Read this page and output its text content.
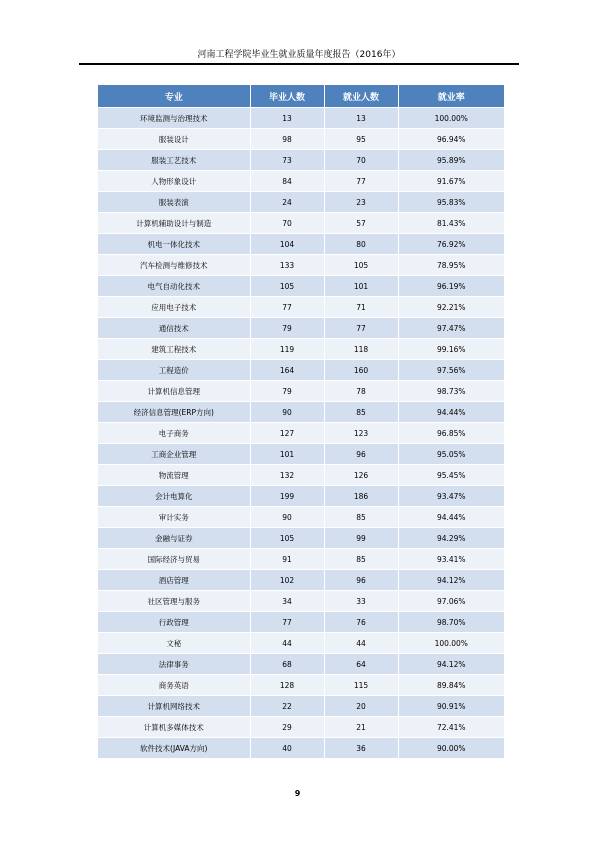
河南工程学院毕业生就业质量年度报告（2016年）
专业	毕业人数	就业人数	就业率
环境监测与治理技术	13	13	100.00%
服装设计	98	95	96.94%
服装工艺技术	73	70	95.89%
人物形象设计	84	77	91.67%
服装表演	24	23	95.83%
计算机辅助设计与制造	70	57	81.43%
机电一体化技术	104	80	76.92%
汽车检测与维修技术	133	105	78.95%
电气自动化技术	105	101	96.19%
应用电子技术	77	71	92.21%
通信技术	79	77	97.47%
建筑工程技术	119	118	99.16%
工程造价	164	160	97.56%
计算机信息管理	79	78	98.73%
经济信息管理(ERP方向)	90	85	94.44%
电子商务	127	123	96.85%
工商企业管理	101	96	95.05%
物流管理	132	126	95.45%
会计电算化	199	186	93.47%
审计实务	90	85	94.44%
金融与证券	105	99	94.29%
国际经济与贸易	91	85	93.41%
酒店管理	102	96	94.12%
社区管理与服务	34	33	97.06%
行政管理	77	76	98.70%
文秘	44	44	100.00%
法律事务	68	64	94.12%
商务英语	128	115	89.84%
计算机网络技术	22	20	90.91%
计算机多媒体技术	29	21	72.41%
软件技术(JAVA方向)	40	36	90.00%
9
